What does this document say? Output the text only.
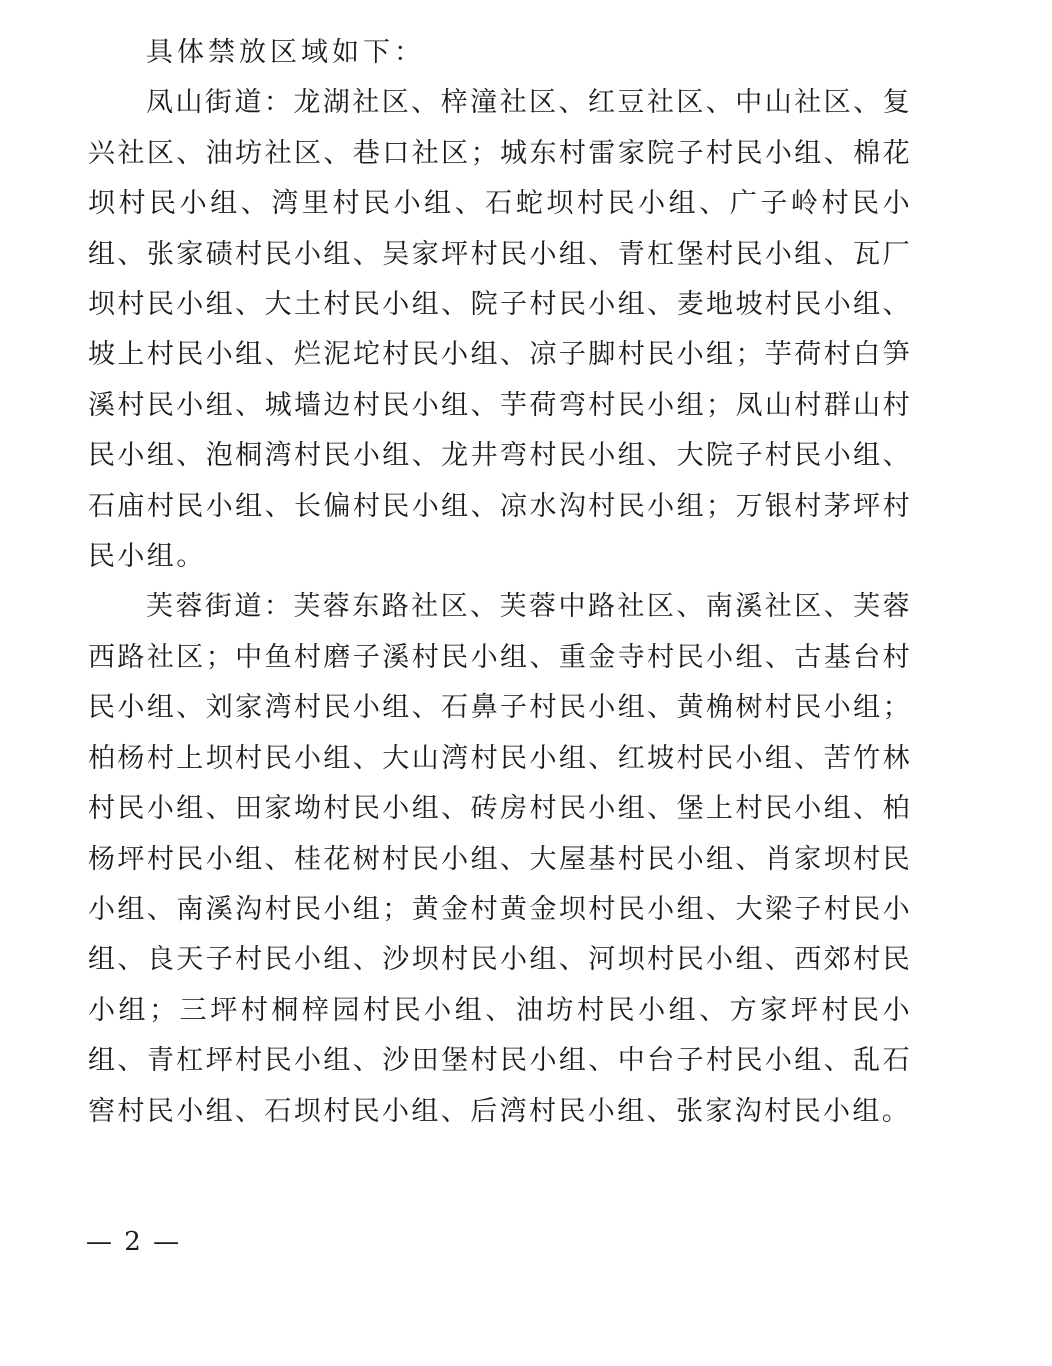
具体禁放区域如下：

凤山街道：龙湖社区、梓潼社区、红豆社区、中山社区、复兴社区、油坊社区、巷口社区；城东村雷家院子村民小组、棉花坝村民小组、湾里村民小组、石蛇坝村民小组、广子岭村民小组、张家碛村民小组、吴家坪村民小组、青杠堡村民小组、瓦厂坝村民小组、大土村民小组、院子村民小组、麦地坡村民小组、坡上村民小组、烂泥坨村民小组、凉子脚村民小组；芋荷村白笋溪村民小组、城墙边村民小组、芋荷弯村民小组；凤山村群山村民小组、泡桐湾村民小组、龙井弯村民小组、大院子村民小组、石庙村民小组、长偏村民小组、凉水沟村民小组；万银村茅坪村民小组。

芙蓉街道：芙蓉东路社区、芙蓉中路社区、南溪社区、芙蓉西路社区；中鱼村磨子溪村民小组、重金寺村民小组、古基台村民小组、刘家湾村民小组、石鼻子村民小组、黄桷树村民小组；柏杨村上坝村民小组、大山湾村民小组、红坡村民小组、苦竹林村民小组、田家坳村民小组、砖房村民小组、堡上村民小组、柏杨坪村民小组、桂花树村民小组、大屋基村民小组、肖家坝村民小组、南溪沟村民小组；黄金村黄金坝村民小组、大梁子村民小组、良天子村民小组、沙坝村民小组、河坝村民小组、西郊村民小组；三坪村桐梓园村民小组、油坊村民小组、方家坪村民小组、青杠坪村民小组、沙田堡村民小组、中台子村民小组、乱石窖村民小组、石坝村民小组、后湾村民小组、张家沟村民小组。

— 2 —
